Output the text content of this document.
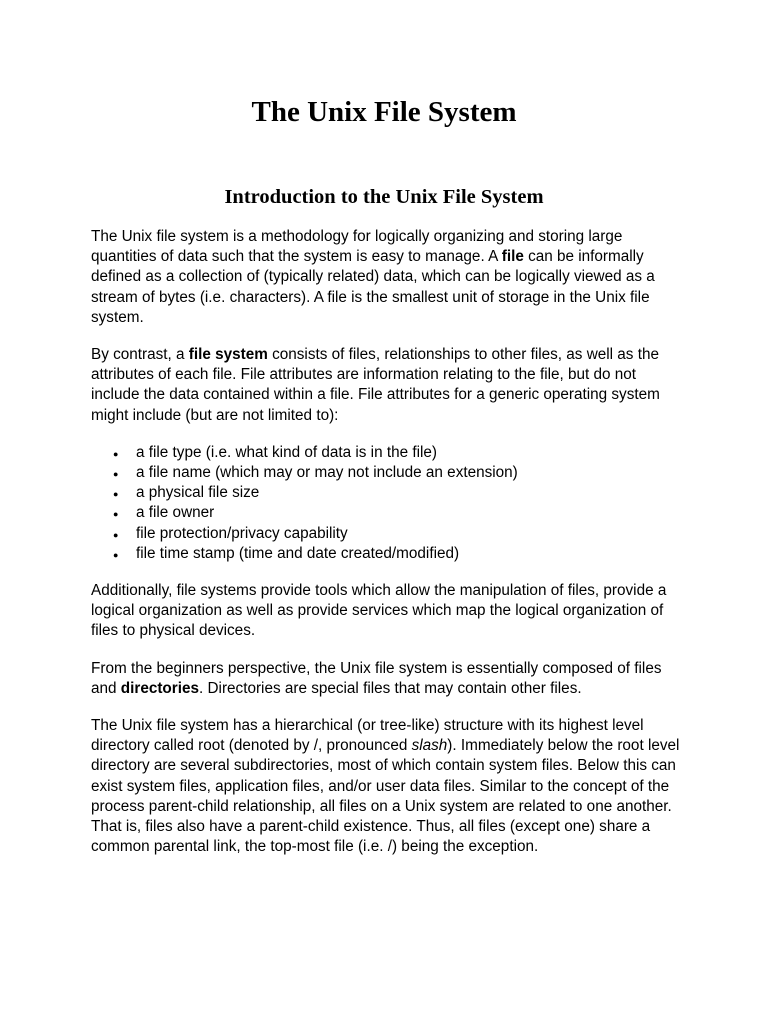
The Unix File System
Introduction to the Unix File System

The Unix file system is a methodology for logically organizing and storing large quantities of data such that the system is easy to manage. A file can be informally defined as a collection of (typically related) data, which can be logically viewed as a stream of bytes (i.e. characters). A file is the smallest unit of storage in the Unix file system.

By contrast, a file system consists of files, relationships to other files, as well as the attributes of each file. File attributes are information relating to the file, but do not include the data contained within a file. File attributes for a generic operating system might include (but are not limited to):

● a file type (i.e. what kind of data is in the file)
● a file name (which may or may not include an extension)
● a physical file size
● a file owner
● file protection/privacy capability
● file time stamp (time and date created/modified)

Additionally, file systems provide tools which allow the manipulation of files, provide a logical organization as well as provide services which map the logical organization of files to physical devices.

From the beginners perspective, the Unix file system is essentially composed of files and directories. Directories are special files that may contain other files.

The Unix file system has a hierarchical (or tree-like) structure with its highest level directory called root (denoted by /, pronounced slash). Immediately below the root level directory are several subdirectories, most of which contain system files. Below this can exist system files, application files, and/or user data files. Similar to the concept of the process parent-child relationship, all files on a Unix system are related to one another. That is, files also have a parent-child existence. Thus, all files (except one) share a common parental link, the top-most file (i.e. /) being the exception.
